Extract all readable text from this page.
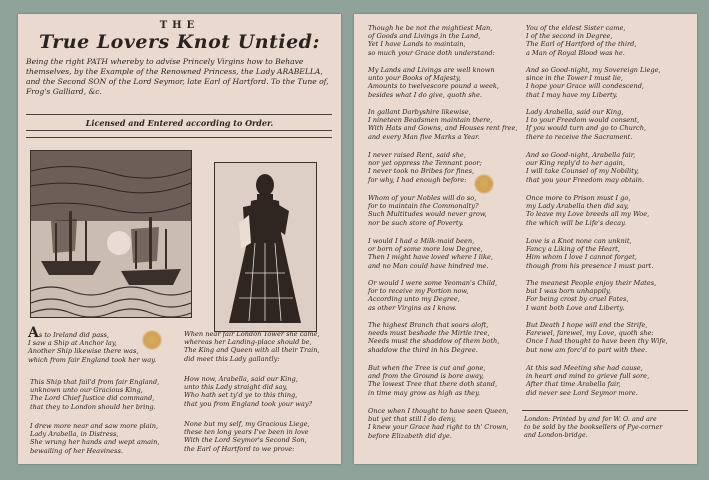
THE
True Lovers Knot Untied:
Being the right PATH whereby to advise Princely Virgins how to Behave themselves, by the Example of the Renowned Princess, the Lady ARABELLA, and the Second SON of the Lord Seymor, late Earl of Hartford. To the Tune of, Frog's Galliard, &c.
Licensed and Entered according to Order.
As to Ireland did pass,
I saw a Ship at Anchor lay,
Another Ship likewise there was,
which from fair England took her way.
This Ship that fail'd from fair England,
unknown unto our Gracious King,
The Lord Chief Justice did command,
that they to London should her bring.
I drew more near and saw more plain,
Lady Arabella, in Distress,
She wrung her hands and wept amain,
bewailing of her Heaviness.
When near fair London Tower she came,
whereas her Landing-place should be,
The King and Queen with all their Train,
did meet this Lady gallantly:
How now, Arabella, said our King,
unto this Lady straight did say,
Who hath set ty'd ye to this thing,
that you from England took your way?
None but my self, my Gracious Liege,
these ten long years I've been in love
With the Lord Seymor's Second Son,
the Earl of Hartford to we prove:
Though he be not the mightiest Man,
of Goods and Livings in the Land,
Yet I have Lands to maintain,
so much your Grace doth understand:
My Lands and Livings are well known
unto your Books of Majesty,
Amounts to twelvescore pound a week,
besides what I do give, quoth she.
In gallant Darbyshire likewise,
I nineteen Beadsmen maintain there,
With Hats and Gowns, and Houses rent free,
and every Man five Marks a Year.
I never raised Rent, said she,
nor yet oppress the Tennant poor;
I never took no Bribes for fines,
for why, I had enough before:
Whom of your Nobles will do so,
for to maintain the Commonalty?
Such Multitudes would never grow,
nor be such store of Poverty.
I would I had a Milk-maid been,
or born of some more low Degree,
Then I might have loved where I like,
and no Man could have hindred me.
Or would I were some Yeoman's Child,
for to receive my Portion now,
According unto my Degree,
as other Virgins as I know.
The highest Branch that soars aloft,
needs must beshade the Mirtle tree,
Needs must the shaddow of them both,
shaddow the third in his Degree.
But when the Tree is cut and gone,
and from the Ground is bore away,
The lowest Tree that there doth stand,
in time may grow as high as they.
Once when I thought to have seen Queen,
but yet that still I do deny,
I knew your Grace had right to th' Crown,
before Elizabeth did dye.
You of the eldest Sister came,
I of the second in Degree,
The Earl of Hartford of the third,
a Man of Royal Blood was he.
And so Good-night, my Sovereign Liege,
since in the Tower I must lie,
I hope your Grace will condescend,
that I may have my Liberty.
Lady Arabella, said our King,
I to your Freedom would consent,
If you would turn and go to Church,
there to receive the Sacrament.
And so Good-night, Arabella fair,
our King reply'd to her again,
I will take Counsel of my Nobility,
that you your Freedom may obtain.
Once more to Prison must I go,
my Lady Arabella then did say,
To leave my Love breeds all my Woe,
the which will be Life's decay.
Love is a Knot none can unknit,
Fancy a Liking of the Heart,
Him whom I love I cannot forget,
though from his presence I must part.
The meanest People enjoy their Mates,
but I was born unhappily,
For being crost by cruel Fates,
I want both Love and Liberty.
But Death I hope will end the Strife,
Farewel, farewel, my Love, quoth she:
Once I had thought to have been thy Wife,
but now am forc'd to part with thee.
At this sad Meeting she had cause,
in heart and mind to grieve full sore,
After that time Arabella fair,
did never see Lord Seymor more.
London: Printed by and for W. O. and are
to be sold by the booksellers of Pye-corner
and London-bridge.
